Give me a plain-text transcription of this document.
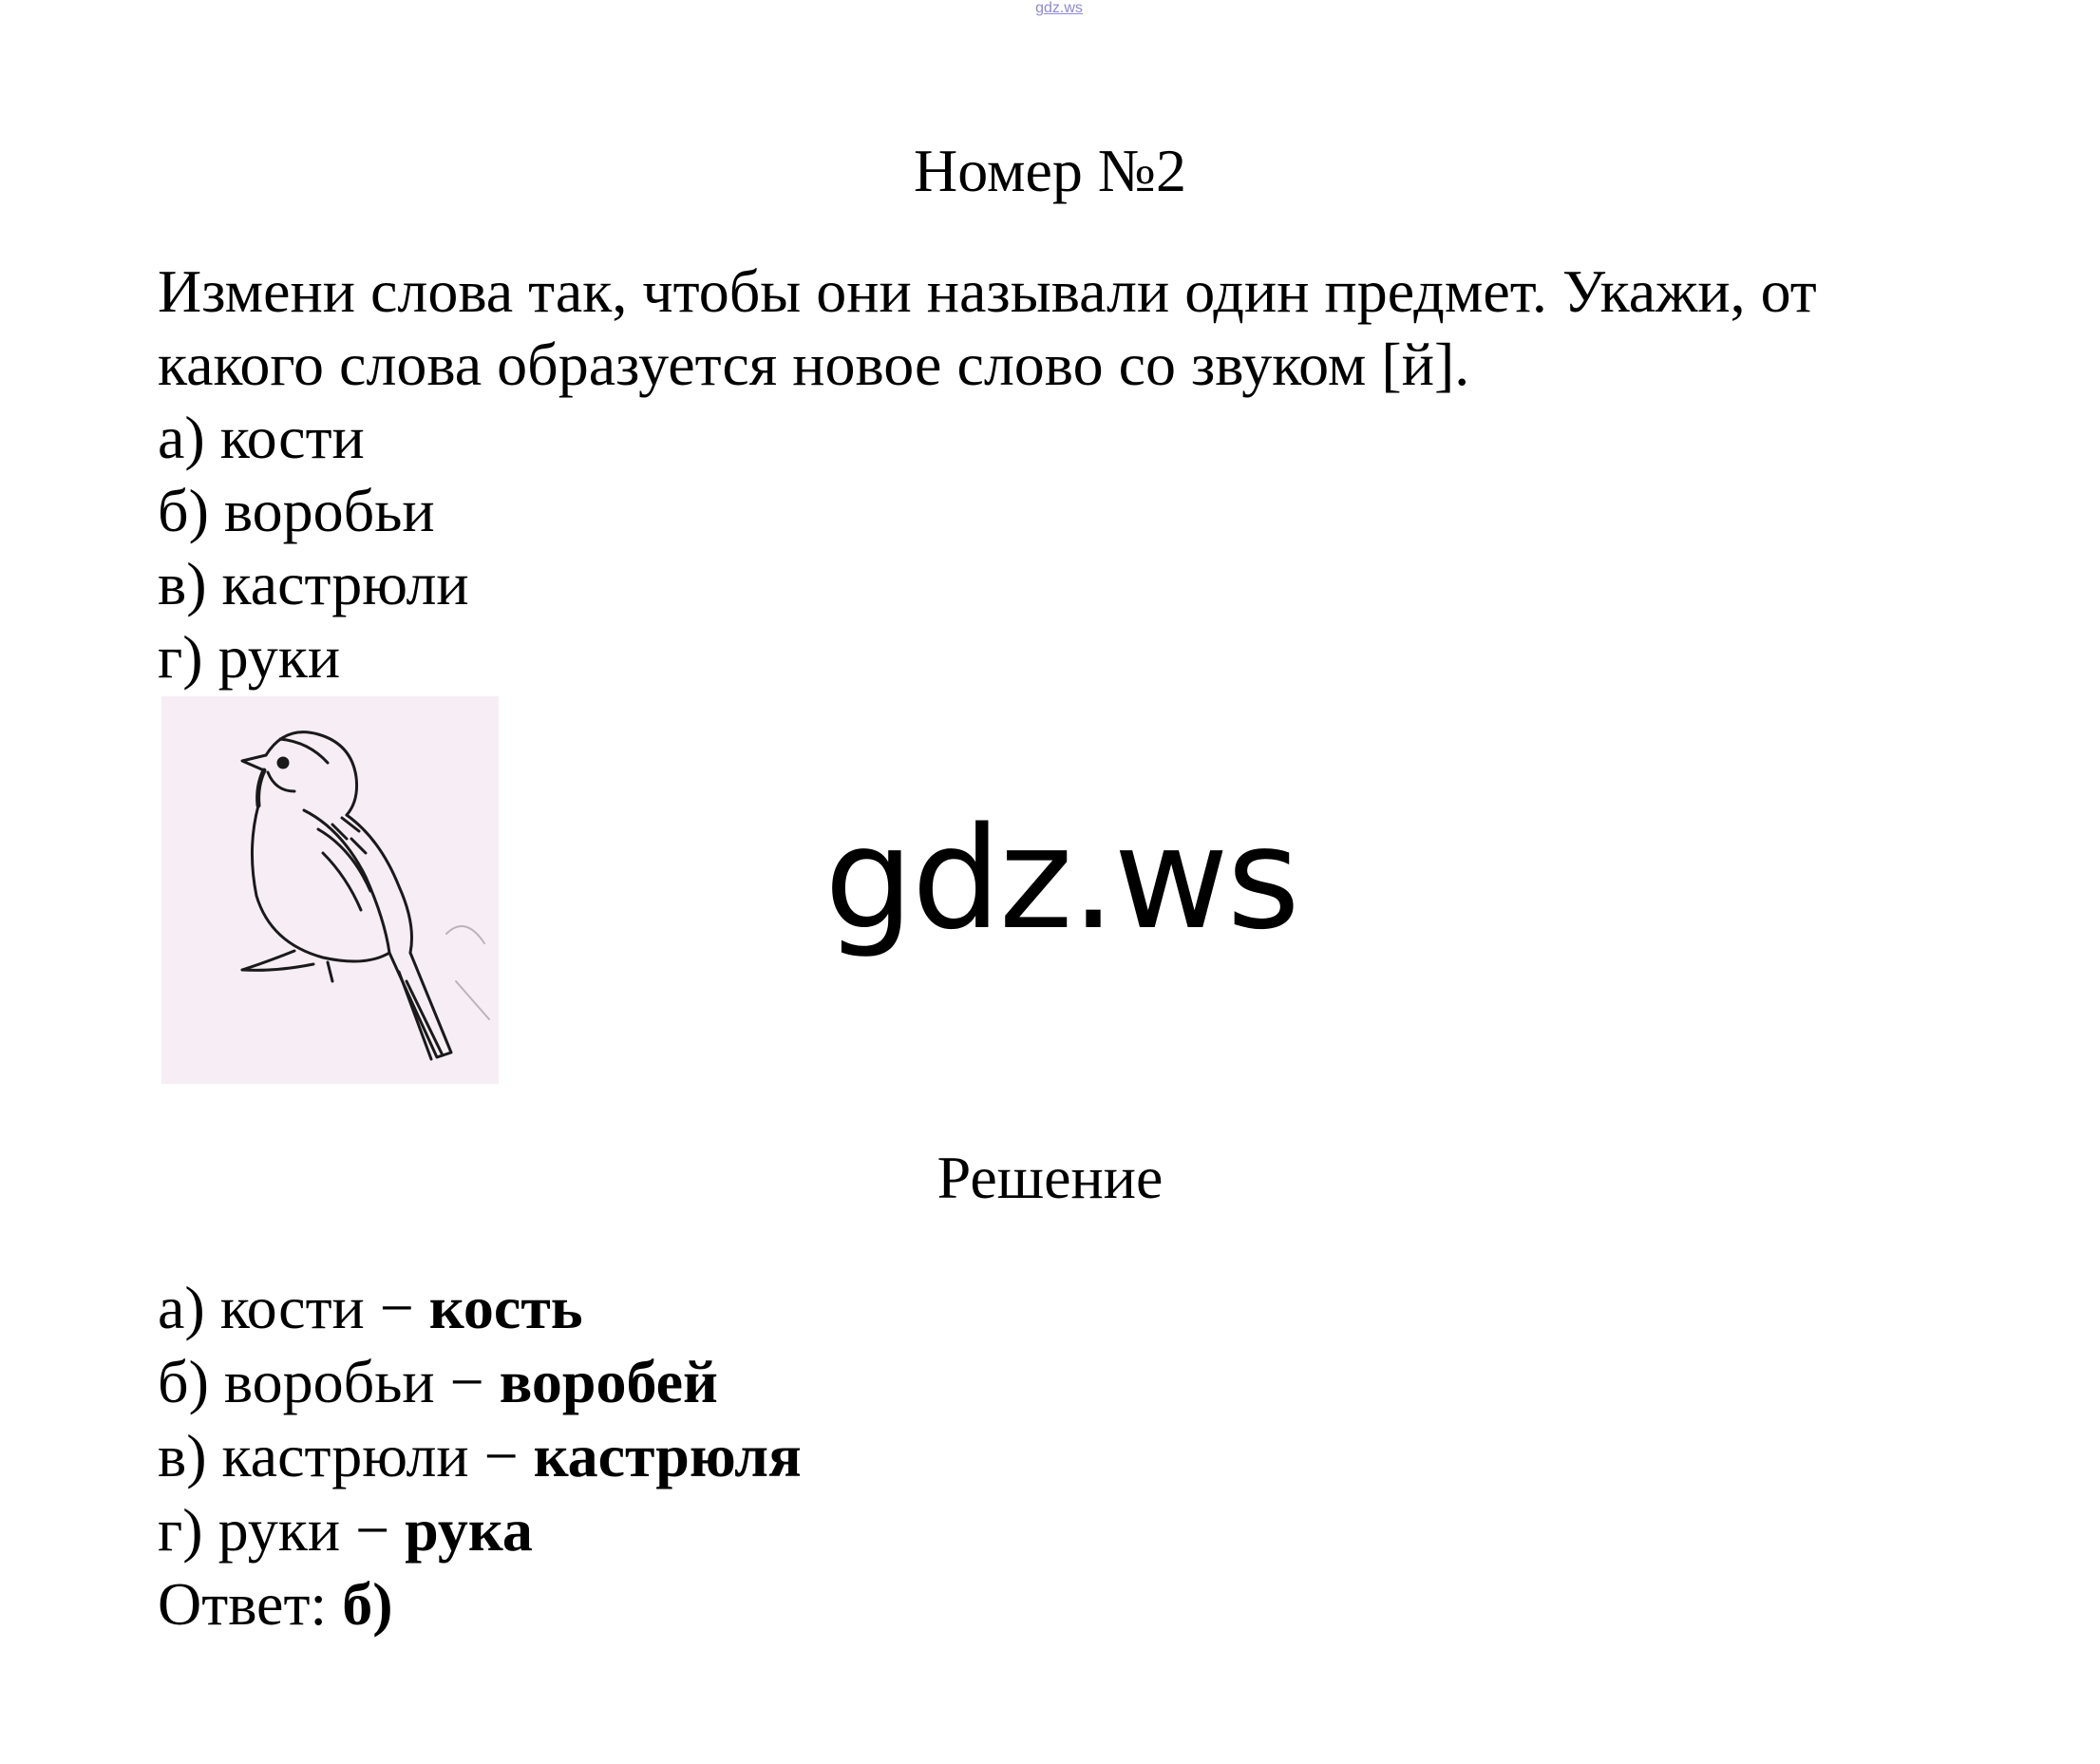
gdz.ws
Номер №2

Измени слова так, чтобы они называли один предмет. Укажи, от

какого слова образуется новое слово со звуком [й].

а) кости

б) воробьи

в) кастрюли

г) руки

gdz.ws
Решение

а) кости − кость

б) воробьи − воробей

в) кастрюли − кастрюля

г) руки − рука

Ответ: б)
